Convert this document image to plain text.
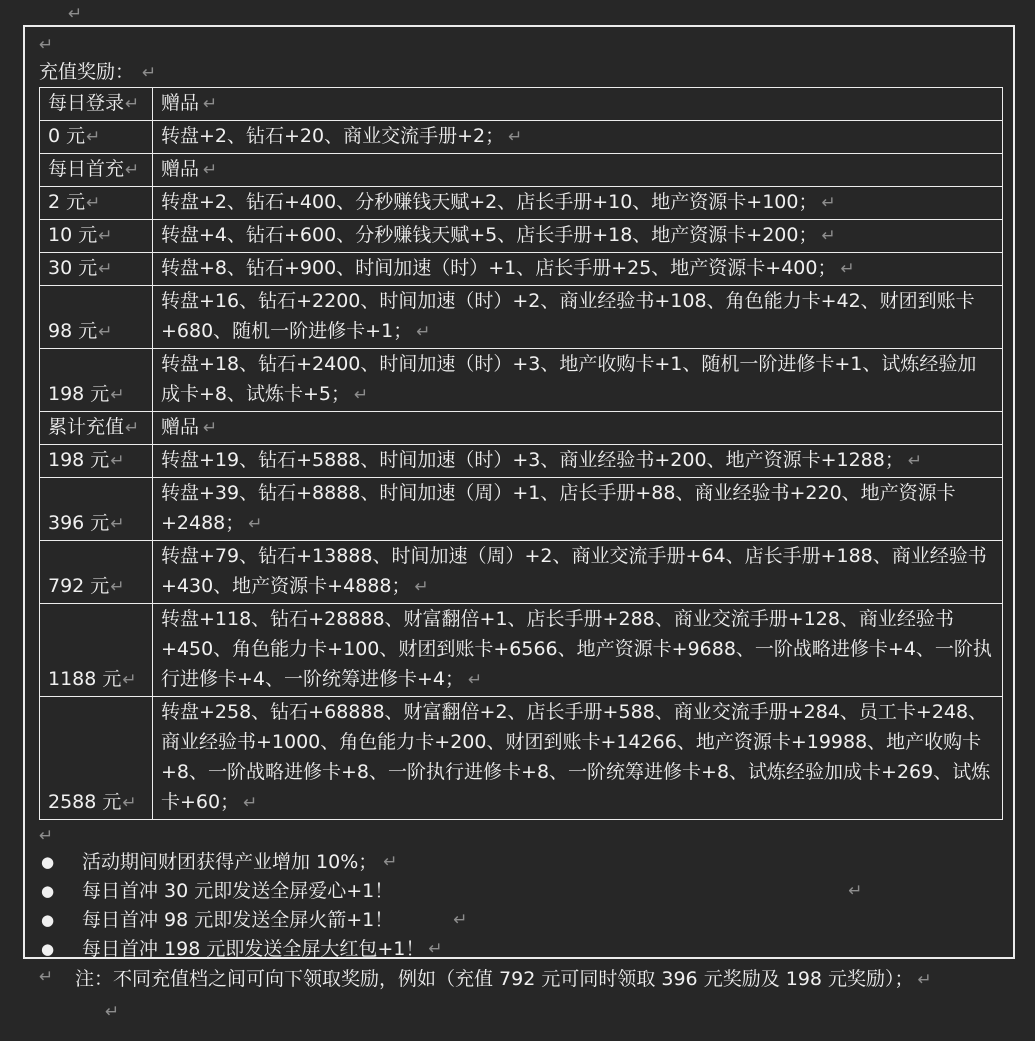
↵
↵
充值奖励： ↵
每日登录↵	赠品 ↵
0 元↵	转盘+2、钻石+20、商业交流手册+2； ↵
每日首充↵	赠品 ↵
2 元↵	转盘+2、钻石+400、分秒赚钱天赋+2、店长手册+10、地产资源卡+100； ↵
10 元↵	转盘+4、钻石+600、分秒赚钱天赋+5、店长手册+18、地产资源卡+200； ↵
30 元↵	转盘+8、钻石+900、时间加速（时）+1、店长手册+25、地产资源卡+400； ↵
98 元↵	转盘+16、钻石+2200、时间加速（时）+2、商业经验书+108、角色能力卡+42、财团到账卡+680、随机一阶进修卡+1； ↵
198 元↵	转盘+18、钻石+2400、时间加速（时）+3、地产收购卡+1、随机一阶进修卡+1、试炼经验加成卡+8、试炼卡+5； ↵
累计充值↵	赠品 ↵
198 元↵	转盘+19、钻石+5888、时间加速（时）+3、商业经验书+200、地产资源卡+1288； ↵
396 元↵	转盘+39、钻石+8888、时间加速（周）+1、店长手册+88、商业经验书+220、地产资源卡+2488； ↵
792 元↵	转盘+79、钻石+13888、时间加速（周）+2、商业交流手册+64、店长手册+188、商业经验书+430、地产资源卡+4888； ↵
1188 元↵	转盘+118、钻石+28888、财富翻倍+1、店长手册+288、商业交流手册+128、商业经验书+450、角色能力卡+100、财团到账卡+6566、地产资源卡+9688、一阶战略进修卡+4、一阶执行进修卡+4、一阶统筹进修卡+4； ↵
2588 元↵	转盘+258、钻石+68888、财富翻倍+2、店长手册+588、商业交流手册+284、员工卡+248、商业经验书+1000、角色能力卡+200、财团到账卡+14266、地产资源卡+19988、地产收购卡+8、一阶战略进修卡+8、一阶执行进修卡+8、一阶统筹进修卡+8、试炼经验加成卡+269、试炼卡+60； ↵
↵
●	活动期间财团获得产业增加 10%； ↵
●	每日首冲 30 元即发送全屏爱心+1！	↵
●	每日首冲 98 元即发送全屏火箭+1！	↵
●	每日首冲 198 元即发送全屏大红包+1！ ↵
↵	注：不同充值档之间可向下领取奖励，例如（充值 792 元可同时领取 396 元奖励及 198 元奖励）； ↵
↵
